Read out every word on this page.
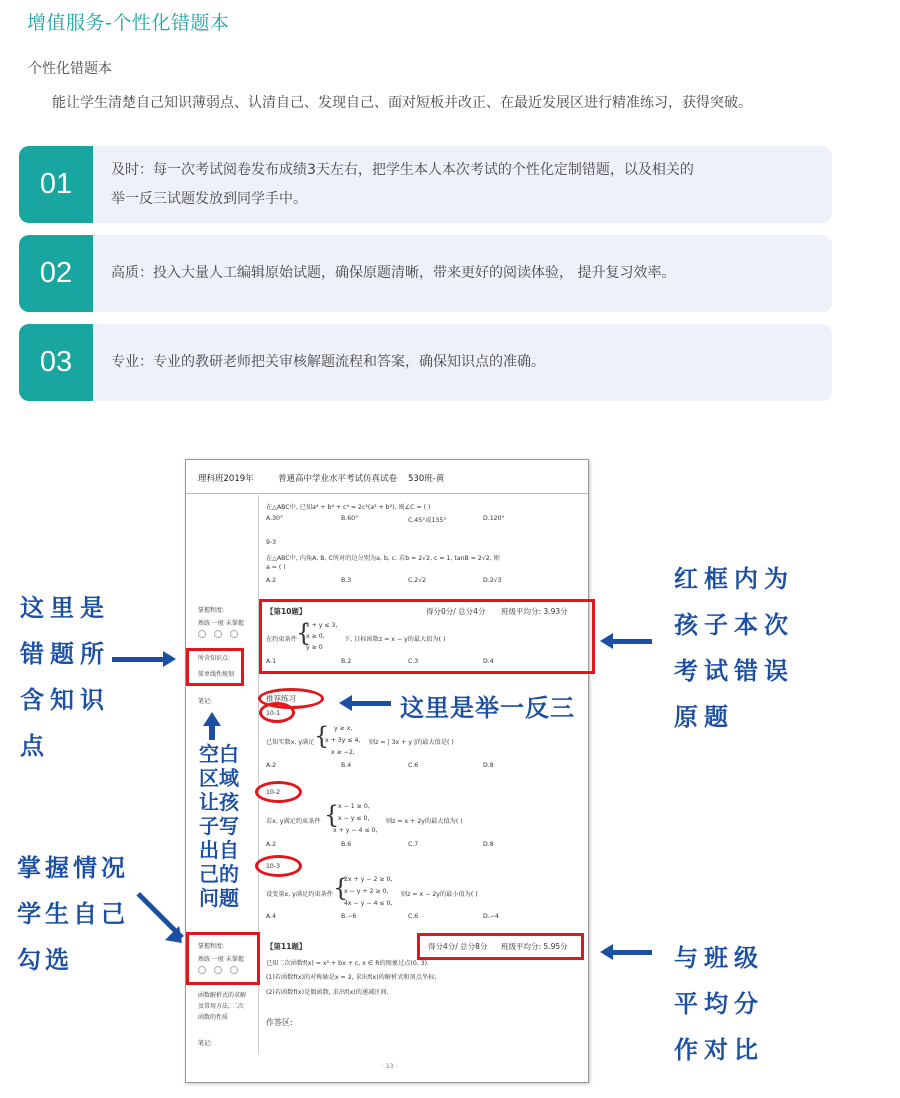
增值服务-个性化错题本
个性化错题本
能让学生清楚自己知识薄弱点、认清自己、发现自己、面对短板并改正、在最近发展区进行精准练习，获得突破。
01	及时：每一次考试阅卷发布成绩3天左右，把学生本人本次考试的个性化定制错题，以及相关的
举一反三试题发放到同学手中。
02	高质：投入大量人工编辑原始试题，确保原题清晰，带来更好的阅读体验， 提升复习效率。
03	专业：专业的教研老师把关审核解题流程和答案，确保知识点的准确。
理科班2019年	普通高中学业水平考试仿真试卷 530班-黄
在△ABC中, 已知a⁴ + b⁴ + c⁴ = 2c²(a² + b²), 则∠C = ( )
A.30°	B.60°	C.45°或135°	D.120°
9-3
在△ABC中, 内角A, B, C所对的边分别为a, b, c. 若b = 2√2, c = 1, tanB = 2√2, 则
a = ( )
A.2	B.3	C.2√2	D.2√3
掌握程度:
熟练 一般 未掌握
所含知识点:
简单线性规划
笔记:
【第10题】	得分0分/ 总分4分 班级平均分: 3.93分
在约束条件 {
x + y ≤ 3,
x ≥ 0,
y ≥ 0
下, 目标函数z = x − y的最大值为( )
A.1	B.2	C.3	D.4
推荐练习
10-1
已知实数x, y满足 { y ≥ x,
x + 3y ≤ 4,
x ≥ −2,
则z = | 3x + y |的最大值是( )
A.2	B.4	C.6	D.8
10-2
若x, y满足约束条件 {
x − 1 ≥ 0,
x − y ≤ 0,
x + y − 4 ≤ 0,
则z = x + 2y的最大值为( )
A.2	B.6	C.7	D.8
10-3
设变量x, y满足约束条件 {
2x + y − 2 ≥ 0,
x − y + 2 ≥ 0,
4x − y − 4 ≤ 0,
则z = x − 2y的最小值为( )
A.4	B.−6	C.6	D.−4
掌握程度:
熟练 一般 未掌握
函数解析式的求解
及常用方法, 二次
函数的性质
笔记:
【第11题】	得分4分/ 总分8分 班级平均分: 5.95分
已知二次函数f(x) = x² + bx + c, x ∈ R的图象过点(0, 3).
(1)若函数f(x)的对称轴是x = 2, 求出f(x)的解析式和顶点坐标;
(2)若函数f(x)是偶函数, 求出f(x)的递减区间.
作答区:
· 13 ·
这里是
错题所
含知识
点	空白
区域
让孩
子写
出自
己的
问题
掌握情况
学生自己
勾选
这里是举一反三
红框内为
孩子本次
考试错误
原题
与班级
平均分
作对比
